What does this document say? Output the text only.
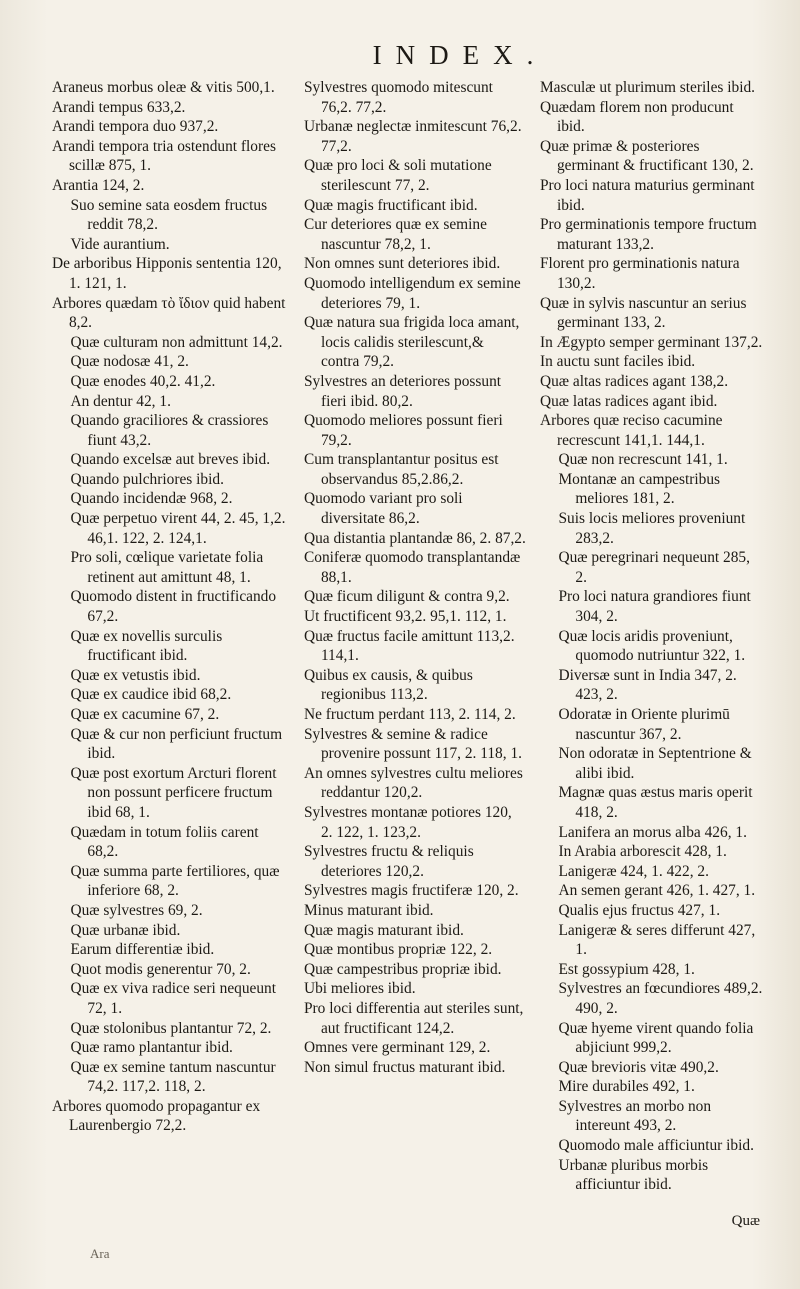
INDEX.

Araneus morbus oleæ & vitis 500,1.

Arandi tempus 633,2.

Arandi tempora duo 937,2.

Arandi tempora tria ostendunt flores scillæ 875, 1.

Arantia 124, 2.

Suo semine sata eosdem fructus reddit 78,2.

Vide aurantium.

De arboribus Hipponis sententia 120, 1. 121, 1.

Arbores quædam τὸ ἴδιον quid habent 8,2.

Quæ culturam non admittunt 14,2.

Quæ nodosæ 41, 2.

Quæ enodes 40,2. 41,2.

An dentur 42, 1.

Quando graciliores & crassiores fiunt 43,2.

Quando excelsæ aut breves ibid.

Quando pulchriores ibid.

Quando incidendæ 968, 2.

Quæ perpetuo virent 44, 2. 45, 1,2. 46,1. 122, 2. 124,1.

Pro soli, cœlique varietate folia retinent aut amittunt 48, 1.

Quomodo distent in fructificando 67,2.

Quæ ex novellis surculis fructificant ibid.

Quæ ex vetustis ibid.

Quæ ex caudice ibid 68,2.

Quæ ex cacumine 67, 2.

Quæ & cur non perficiunt fructum ibid.

Quæ post exortum Arcturi florent non possunt perficere fructum ibid 68, 1.

Quædam in totum foliis carent 68,2.

Quæ summa parte fertiliores, quæ inferiore 68, 2.

Quæ sylvestres 69, 2.

Quæ urbanæ ibid.

Earum differentiæ ibid.

Quot modis generentur 70, 2.

Quæ ex viva radice seri nequeunt 72, 1.

Quæ stolonibus plantantur 72, 2.

Quæ ramo plantantur ibid.

Quæ ex semine tantum nascuntur 74,2. 117,2. 118, 2.

Arbores quomodo propagantur ex Laurenbergio 72,2.

Sylvestres quomodo mitescunt 76,2. 77,2.

Urbanæ neglectæ inmitescunt 76,2. 77,2.

Quæ pro loci & soli mutatione sterilescunt 77, 2.

Quæ magis fructificant ibid.

Cur deteriores quæ ex semine nascuntur 78,2, 1.

Non omnes sunt deteriores ibid.

Quomodo intelligendum ex semine deteriores 79, 1.

Quæ natura sua frigida loca amant, locis calidis sterilescunt,& contra 79,2.

Sylvestres an deteriores possunt fieri ibid. 80,2.

Quomodo meliores possunt fieri 79,2.

Cum transplantantur positus est observandus 85,2.86,2.

Quomodo variant pro soli diversitate 86,2.

Qua distantia plantandæ 86, 2. 87,2.

Coniferæ quomodo transplantandæ 88,1.

Quæ ficum diligunt & contra 9,2.

Ut fructificent 93,2. 95,1. 112, 1.

Quæ fructus facile amittunt 113,2. 114,1.

Quibus ex causis, & quibus regionibus 113,2.

Ne fructum perdant 113, 2. 114, 2.

Sylvestres & semine & radice provenire possunt 117, 2. 118, 1.

An omnes sylvestres cultu meliores reddantur 120,2.

Sylvestres montanæ potiores 120, 2. 122, 1. 123,2.

Sylvestres fructu & reliquis deteriores 120,2.

Sylvestres magis fructiferæ 120, 2.

Minus maturant ibid.

Quæ magis maturant ibid.

Quæ montibus propriæ 122, 2.

Quæ campestribus propriæ ibid.

Ubi meliores ibid.

Pro loci differentia aut steriles sunt, aut fructificant 124,2.

Omnes vere germinant 129, 2.

Non simul fructus maturant ibid.

Masculæ ut plurimum steriles ibid.

Quædam florem non producunt ibid.

Quæ primæ & posteriores germinant & fructificant 130, 2.

Pro loci natura maturius germinant ibid.

Pro germinationis tempore fructum maturant 133,2.

Florent pro germinationis natura 130,2.

Quæ in sylvis nascuntur an serius germinant 133, 2.

In Ægypto semper germinant 137,2.

In auctu sunt faciles ibid.

Quæ altas radices agant 138,2.

Quæ latas radices agant ibid.

Arbores quæ reciso cacumine recrescunt 141,1. 144,1.

Quæ non recrescunt 141, 1.

Montanæ an campestribus meliores 181, 2.

Suis locis meliores proveniunt 283,2.

Quæ peregrinari nequeunt 285, 2.

Pro loci natura grandiores fiunt 304, 2.

Quæ locis aridis proveniunt, quomodo nutriuntur 322, 1.

Diversæ sunt in India 347, 2. 423, 2.

Odoratæ in Oriente plurimū nascuntur 367, 2.

Non odoratæ in Septentrione & alibi ibid.

Magnæ quas æstus maris operit 418, 2.

Lanifera an morus alba 426, 1.

In Arabia arborescit 428, 1.

Lanigeræ 424, 1. 422, 2.

An semen gerant 426, 1. 427, 1.

Qualis ejus fructus 427, 1.

Lanigeræ & seres differunt 427, 1.

Est gossypium 428, 1.

Sylvestres an fœcundiores 489,2. 490, 2.

Quæ hyeme virent quando folia abjiciunt 999,2.

Quæ brevioris vitæ 490,2.

Mire durabiles 492, 1.

Sylvestres an morbo non intereunt 493, 2.

Quomodo male afficiuntur ibid.

Urbanæ pluribus morbis afficiuntur ibid.

Quæ
Ara
